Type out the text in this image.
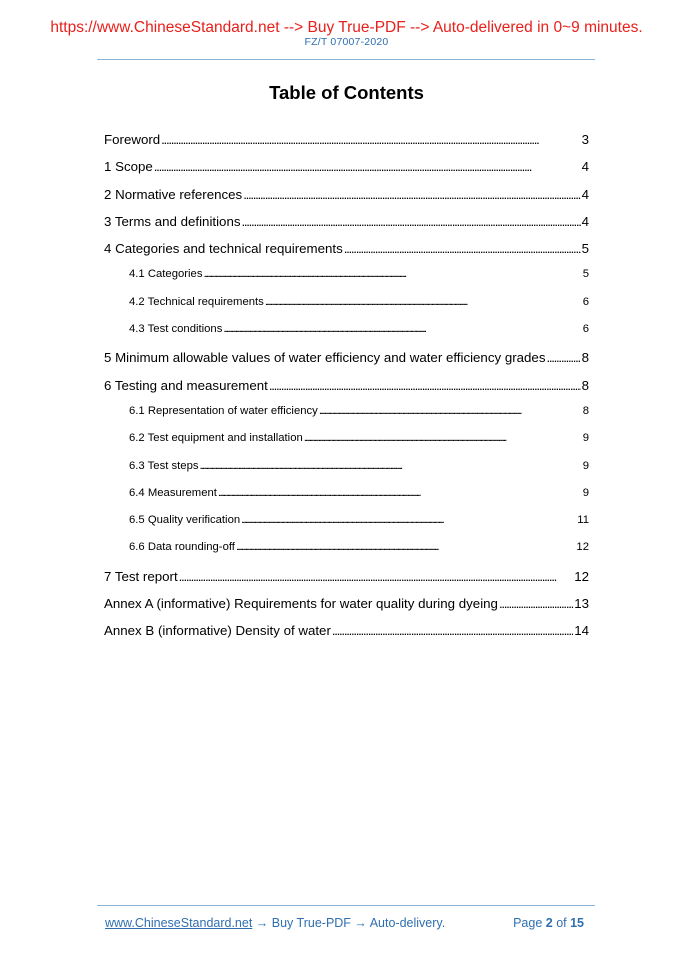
https://www.ChineseStandard.net --> Buy True-PDF --> Auto-delivered in 0~9 minutes.
FZ/T 07007-2020
Table of Contents
Foreword . . .	3
1 Scope . . .	4
2 Normative references . . .	4
3 Terms and definitions . . .	4
4 Categories and technical requirements . . .	5
4.1 Categories . . .	5
4.2 Technical requirements . . .	6
4.3 Test conditions . . .	6
5 Minimum allowable values of water efficiency and water efficiency grades . . .	8
6 Testing and measurement . . .	8
6.1 Representation of water efficiency . . .	8
6.2 Test equipment and installation . . .	9
6.3 Test steps . . .	9
6.4 Measurement . . .	9
6.5 Quality verification . . .	11
6.6 Data rounding-off . . .	12
7 Test report . . .	12
Annex A (informative) Requirements for water quality during dyeing . . .	13
Annex B (informative) Density of water . . .	14
www.ChineseStandard.net → Buy True-PDF → Auto-delivery.	Page 2 of 15
